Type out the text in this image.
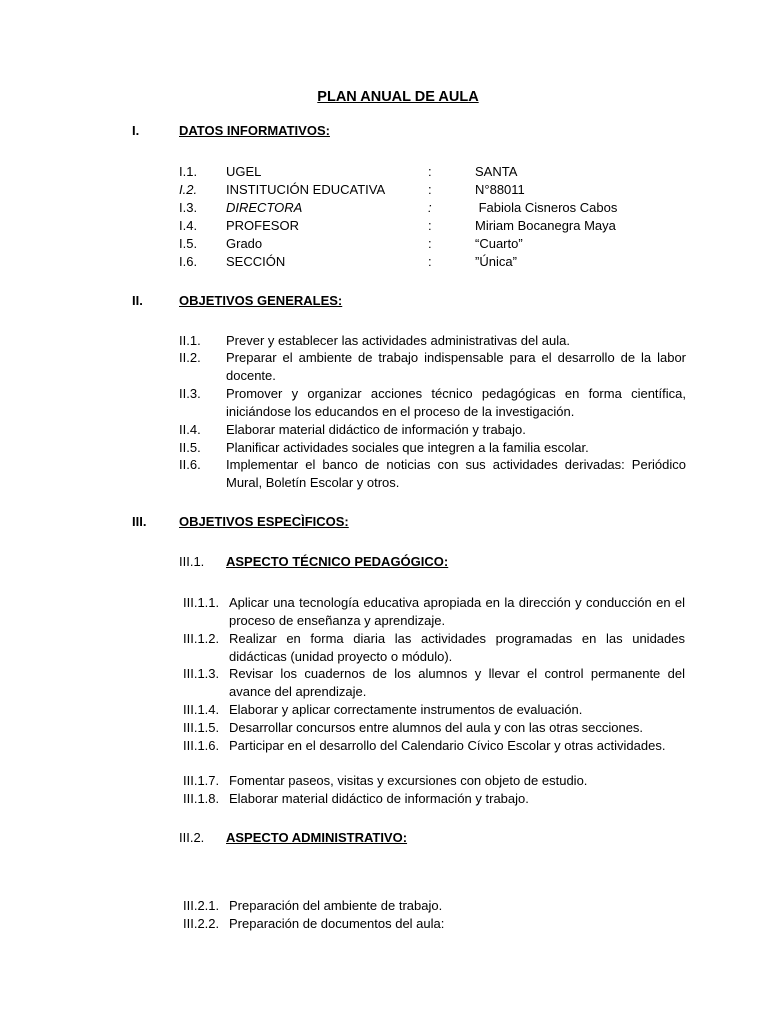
PLAN ANUAL DE AULA
I.	DATOS INFORMATIVOS:
I.1. UGEL	:	SANTA
I.2. INSTITUCIÓN EDUCATIVA	:	N°88011
I.3. DIRECTORA	:	Fabiola Cisneros Cabos
I.4. PROFESOR	:	Miriam Bocanegra Maya
I.5. Grado	:	“Cuarto”
I.6. SECCIÓN	:	”Única”
II.	OBJETIVOS GENERALES:
II.1. Prever y establecer las actividades administrativas del aula.
II.2. Preparar el ambiente de trabajo indispensable para el desarrollo de la labor docente.
II.3. Promover y organizar acciones técnico pedagógicas en forma científica, iniciándose los educandos en el proceso de la investigación.
II.4. Elaborar material didáctico de información y trabajo.
II.5. Planificar actividades sociales que integren a la familia escolar.
II.6. Implementar el banco de noticias con sus actividades derivadas: Periódico Mural, Boletín Escolar y otros.
III.	OBJETIVOS ESPECÌFICOS:
III.1. ASPECTO TÉCNICO PEDAGÓGICO:
III.1.1. Aplicar una tecnología educativa apropiada en la dirección y conducción en el proceso de enseñanza y aprendizaje.
III.1.2. Realizar en forma diaria las actividades programadas en las unidades didácticas (unidad proyecto o módulo).
III.1.3. Revisar los cuadernos de los alumnos y llevar el control permanente del avance del aprendizaje.
III.1.4. Elaborar y aplicar correctamente instrumentos de evaluación.
III.1.5. Desarrollar concursos entre alumnos del aula y con las otras secciones.
III.1.6. Participar en el desarrollo del Calendario Cívico Escolar y otras actividades.
III.1.7. Fomentar paseos, visitas y excursiones con objeto de estudio.
III.1.8. Elaborar material didáctico de información y trabajo.
III.2. ASPECTO ADMINISTRATIVO:
III.2.1. Preparación del ambiente de trabajo.
III.2.2. Preparación de documentos del aula:
